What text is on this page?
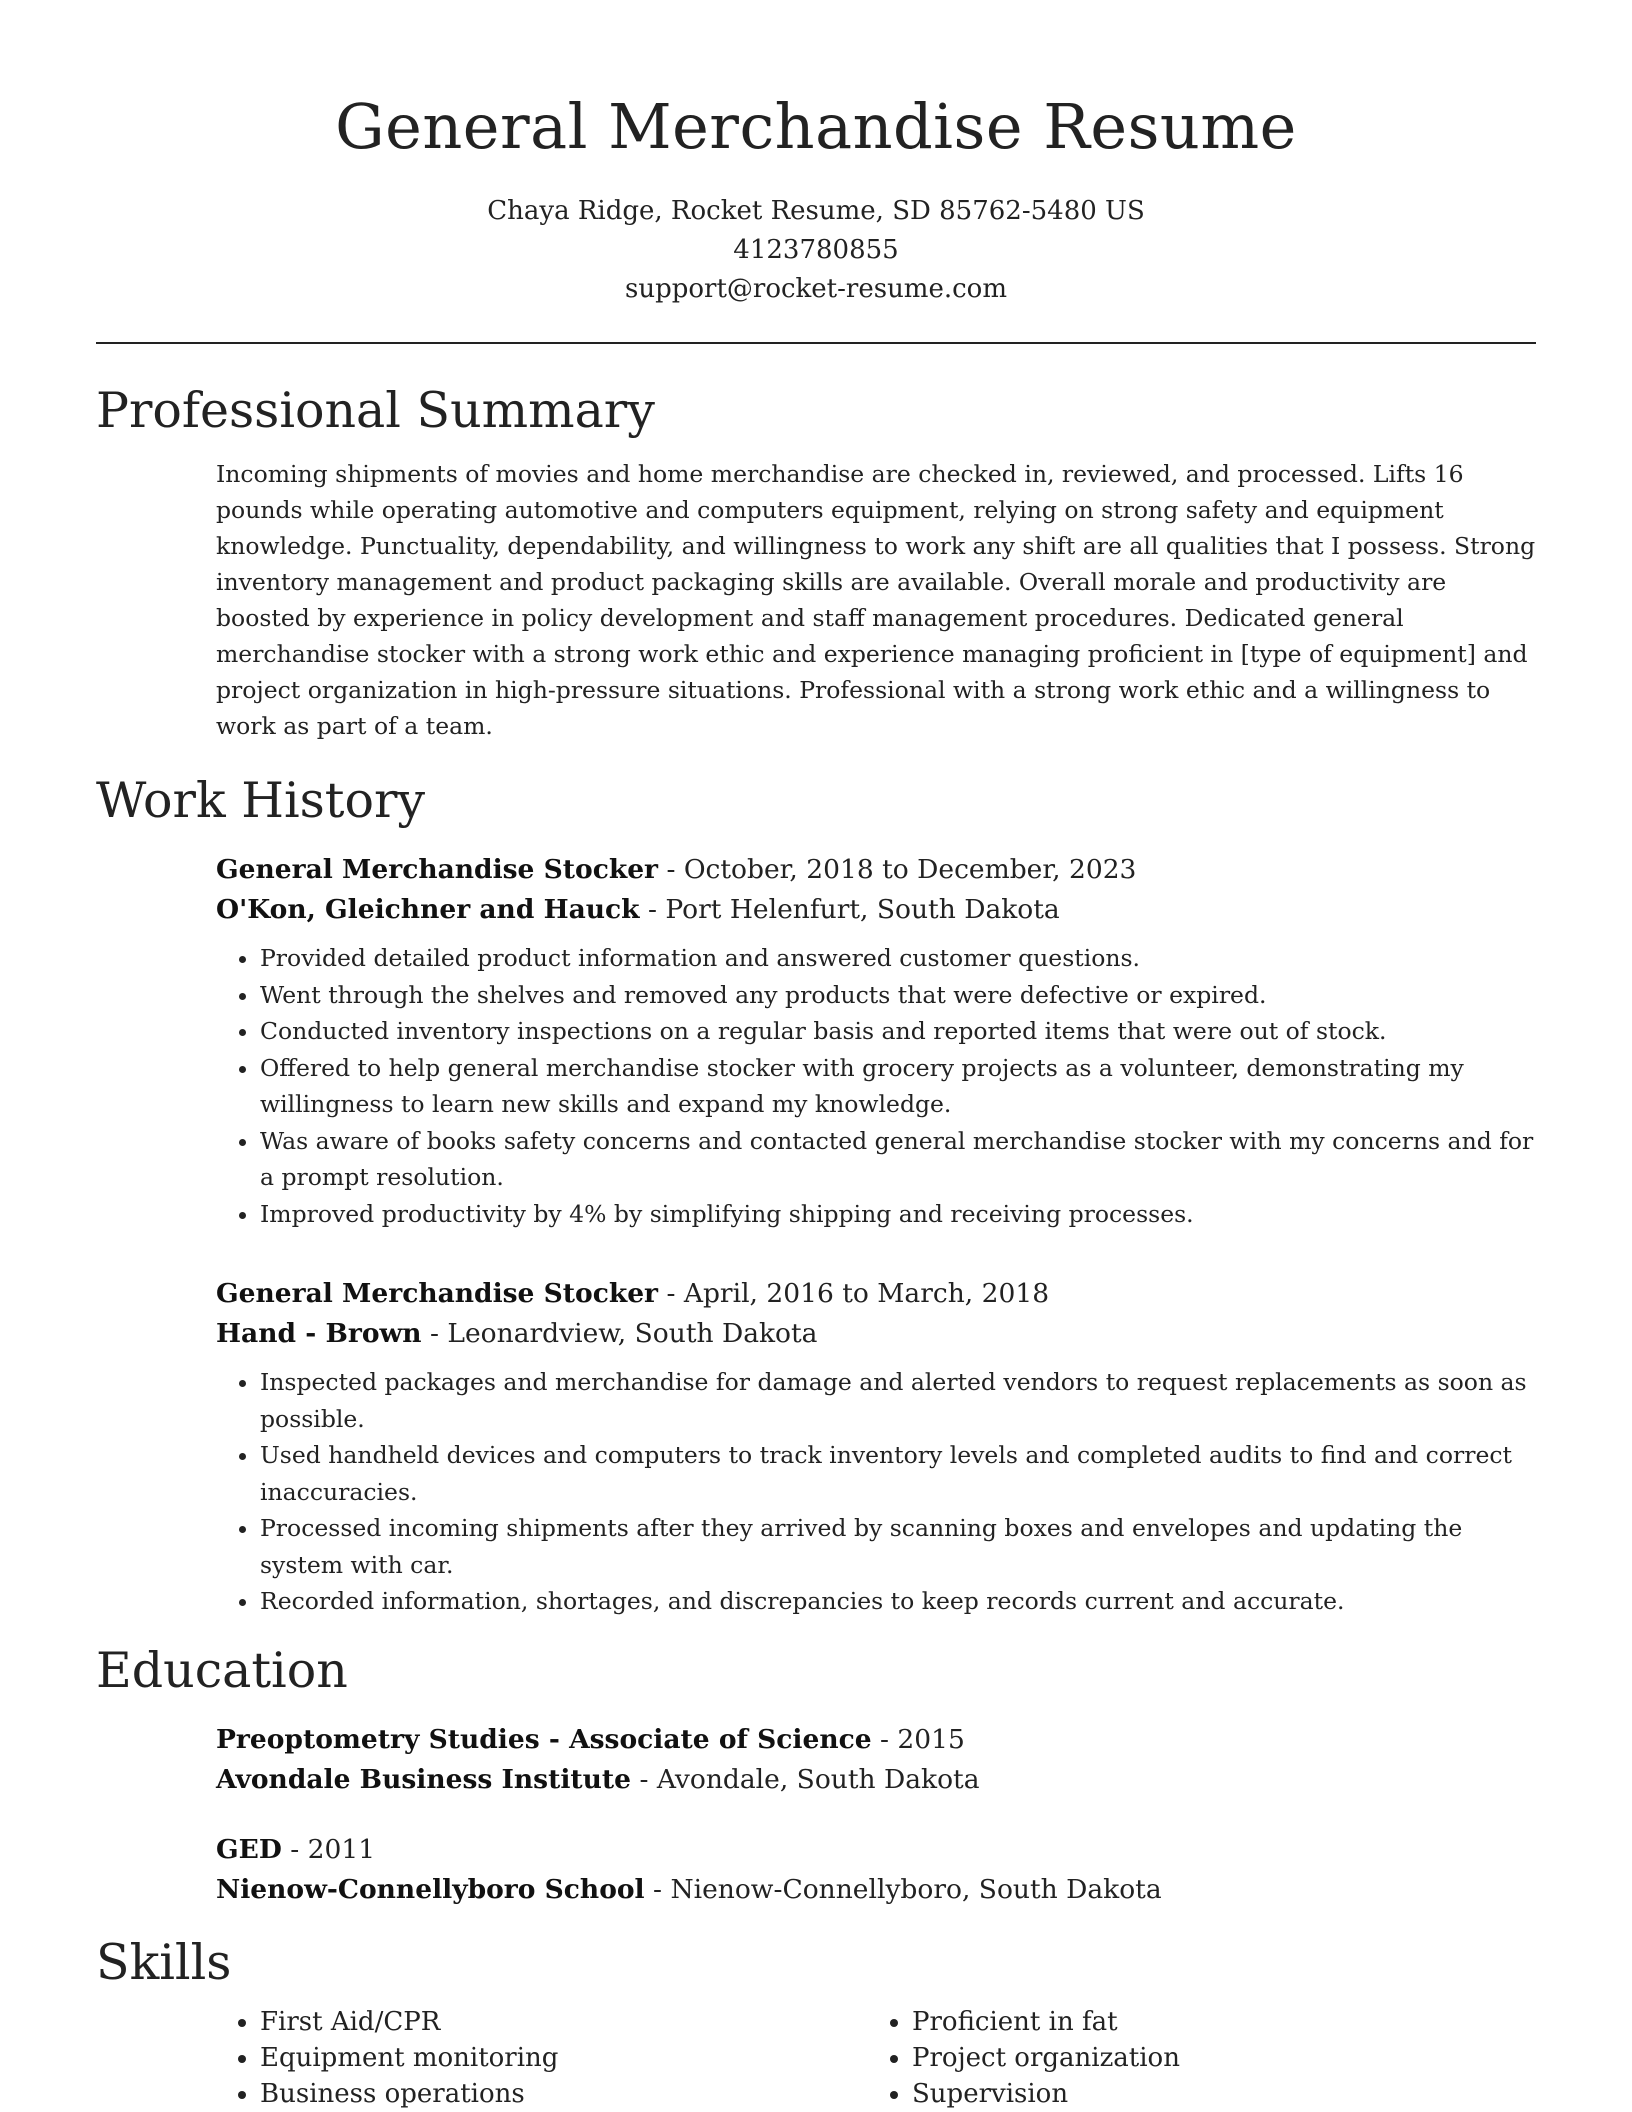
General Merchandise Resume
Chaya Ridge, Rocket Resume, SD 85762-5480 US
4123780855
support@rocket-resume.com
Professional Summary
Incoming shipments of movies and home merchandise are checked in, reviewed, and processed. Lifts 16 pounds while operating automotive and computers equipment, relying on strong safety and equipment knowledge. Punctuality, dependability, and willingness to work any shift are all qualities that I possess. Strong inventory management and product packaging skills are available. Overall morale and productivity are boosted by experience in policy development and staff management procedures. Dedicated general merchandise stocker with a strong work ethic and experience managing proficient in [type of equipment] and project organization in high-pressure situations. Professional with a strong work ethic and a willingness to work as part of a team.
Work History
General Merchandise Stocker - October, 2018 to December, 2023
O'Kon, Gleichner and Hauck - Port Helenfurt, South Dakota
• Provided detailed product information and answered customer questions.
• Went through the shelves and removed any products that were defective or expired.
• Conducted inventory inspections on a regular basis and reported items that were out of stock.
• Offered to help general merchandise stocker with grocery projects as a volunteer, demonstrating my willingness to learn new skills and expand my knowledge.
• Was aware of books safety concerns and contacted general merchandise stocker with my concerns and for a prompt resolution.
• Improved productivity by 4% by simplifying shipping and receiving processes.
General Merchandise Stocker - April, 2016 to March, 2018
Hand - Brown - Leonardview, South Dakota
• Inspected packages and merchandise for damage and alerted vendors to request replacements as soon as possible.
• Used handheld devices and computers to track inventory levels and completed audits to find and correct inaccuracies.
• Processed incoming shipments after they arrived by scanning boxes and envelopes and updating the system with car.
• Recorded information, shortages, and discrepancies to keep records current and accurate.
Education
Preoptometry Studies - Associate of Science - 2015
Avondale Business Institute - Avondale, South Dakota
GED - 2011
Nienow-Connellyboro School - Nienow-Connellyboro, South Dakota
Skills
• First Aid/CPR
• Equipment monitoring
• Business operations
• Proficient in fat
• Project organization
• Supervision
